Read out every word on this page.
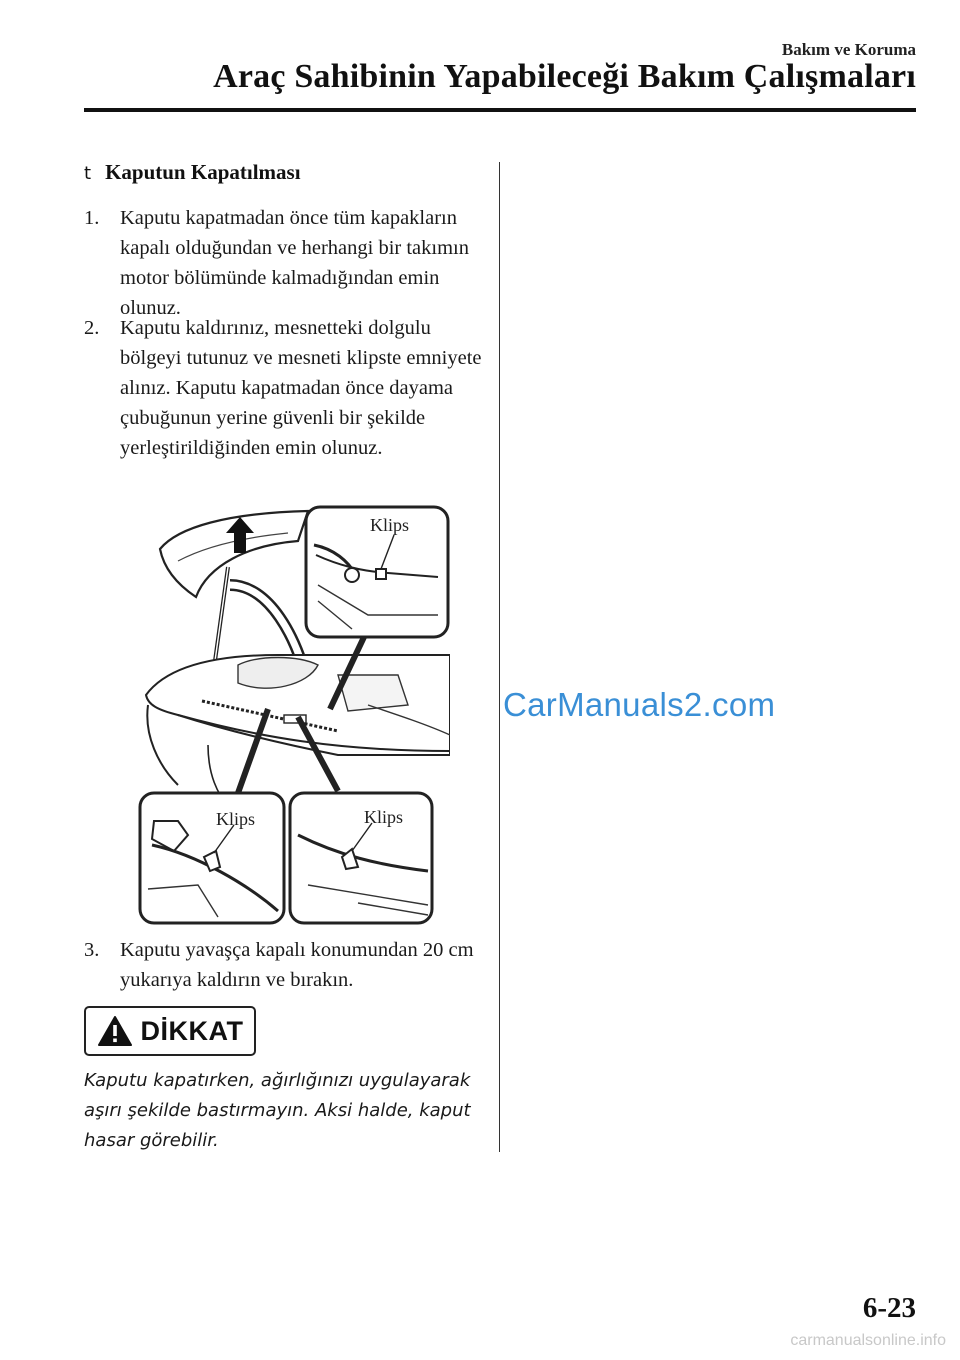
Bakım ve Koruma
Araç Sahibinin Yapabileceği Bakım Çalışmaları
t Kaputun Kapatılması
1.	Kaputu kapatmadan önce tüm kapakların kapalı olduğundan ve herhangi bir takımın motor bölümünde kalmadığından emin olunuz.
2.	Kaputu kaldırınız, mesnetteki dolgulu bölgeyi tutunuz ve mesneti klipste emniyete alınız. Kaputu kapatmadan önce dayama çubuğunun yerine güvenli bir şekilde yerleştirildiğinden emin olunuz.
Klips
Klips	Klips
3.	Kaputu yavaşça kapalı konumundan 20 cm yukarıya kaldırın ve bırakın.
DİKKAT
Kaputu kapatırken, ağırlığınızı uygulayarak aşırı şekilde bastırmayın. Aksi halde, kaput hasar görebilir.
CarManuals2.com
6-23
carmanualsonline.info
